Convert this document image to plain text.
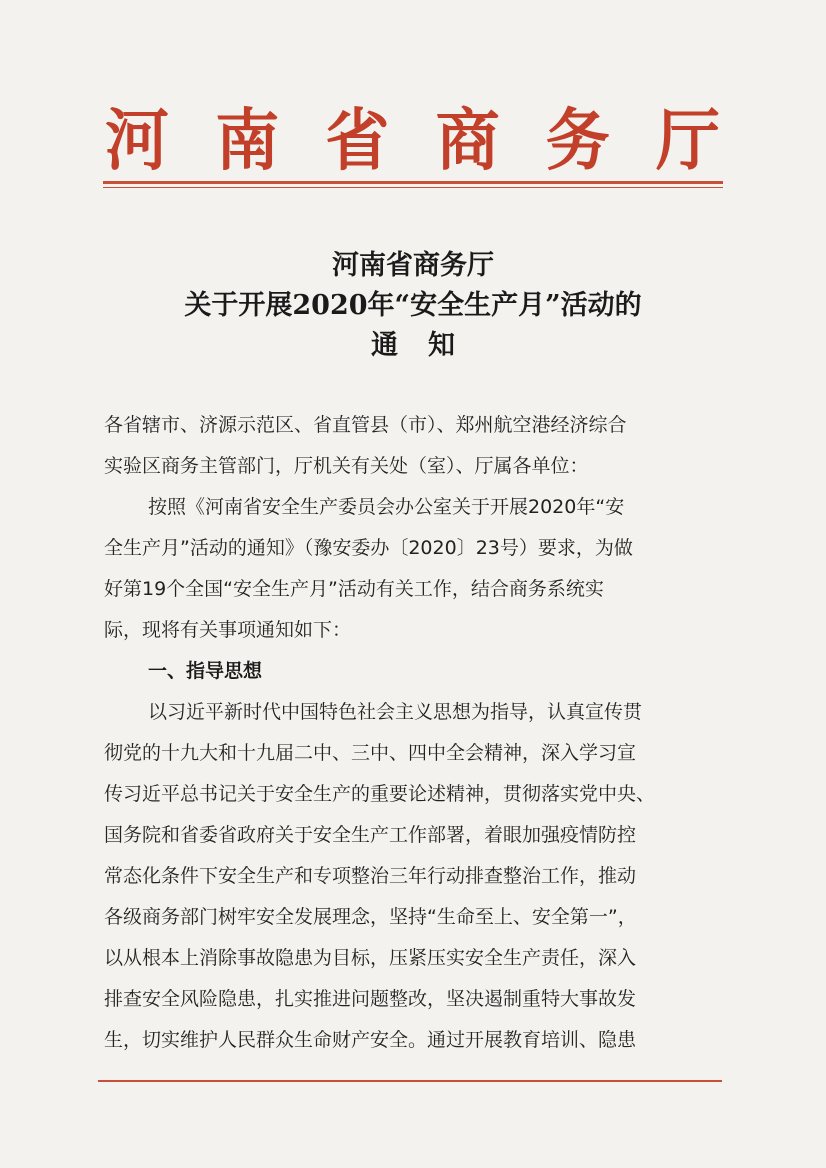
河 南 省 商 务 厅
河南省商务厅
关于开展2020年“安全生产月”活动的
通知
各省辖市、济源示范区、省直管县（市）、郑州航空港经济综合
实验区商务主管部门，厅机关有关处（室）、厅属各单位：
按照《河南省安全生产委员会办公室关于开展2020年“安
全生产月”活动的通知》（豫安委办〔2020〕23号）要求，为做
好第19个全国“安全生产月”活动有关工作，结合商务系统实
际，现将有关事项通知如下：
一、指导思想
以习近平新时代中国特色社会主义思想为指导，认真宣传贯
彻党的十九大和十九届二中、三中、四中全会精神，深入学习宣
传习近平总书记关于安全生产的重要论述精神，贯彻落实党中央、
国务院和省委省政府关于安全生产工作部署，着眼加强疫情防控
常态化条件下安全生产和专项整治三年行动排查整治工作，推动
各级商务部门树牢安全发展理念，坚持“生命至上、安全第一”，
以从根本上消除事故隐患为目标，压紧压实安全生产责任，深入
排查安全风险隐患，扎实推进问题整改，坚决遏制重特大事故发
生，切实维护人民群众生命财产安全。通过开展教育培训、隐患
